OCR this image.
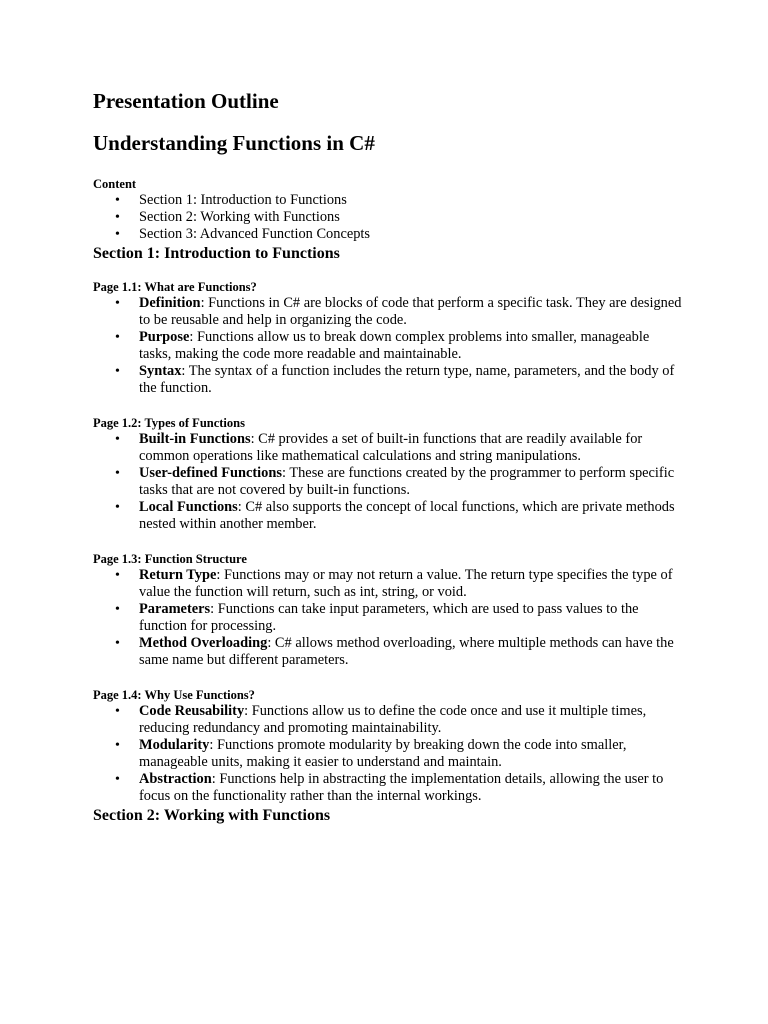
Presentation Outline
Understanding Functions in C#

Content

• Section 1: Introduction to Functions
• Section 2: Working with Functions
• Section 3: Advanced Function Concepts
Section 1: Introduction to Functions

Page 1.1: What are Functions?

• Definition: Functions in C# are blocks of code that perform a specific task. They are designed to be reusable and help in organizing the code.
• Purpose: Functions allow us to break down complex problems into smaller, manageable tasks, making the code more readable and maintainable.
• Syntax: The syntax of a function includes the return type, name, parameters, and the body of the function.

Page 1.2: Types of Functions

• Built-in Functions: C# provides a set of built-in functions that are readily available for common operations like mathematical calculations and string manipulations.
• User-defined Functions: These are functions created by the programmer to perform specific tasks that are not covered by built-in functions.
• Local Functions: C# also supports the concept of local functions, which are private methods nested within another member.

Page 1.3: Function Structure

• Return Type: Functions may or may not return a value. The return type specifies the type of value the function will return, such as int, string, or void.
• Parameters: Functions can take input parameters, which are used to pass values to the function for processing.
• Method Overloading: C# allows method overloading, where multiple methods can have the same name but different parameters.

Page 1.4: Why Use Functions?

• Code Reusability: Functions allow us to define the code once and use it multiple times, reducing redundancy and promoting maintainability.
• Modularity: Functions promote modularity by breaking down the code into smaller, manageable units, making it easier to understand and maintain.
• Abstraction: Functions help in abstracting the implementation details, allowing the user to focus on the functionality rather than the internal workings.
Section 2: Working with Functions
